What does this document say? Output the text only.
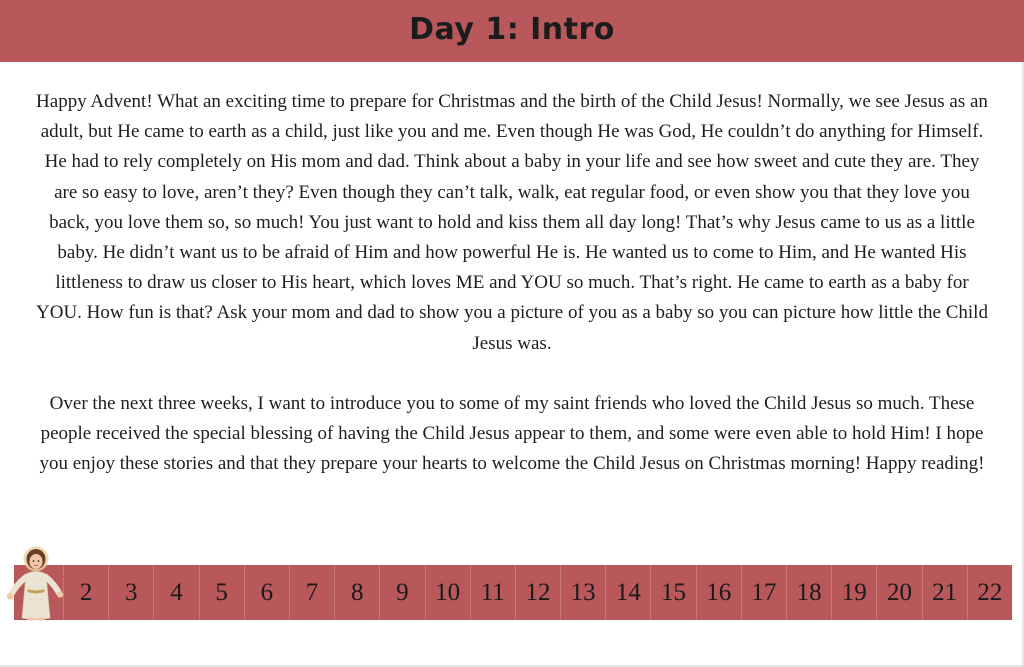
Day 1: Intro

Happy Advent! What an exciting time to prepare for Christmas and the birth of the Child Jesus! Normally, we see Jesus as an adult, but He came to earth as a child, just like you and me. Even though He was God, He couldn’t do anything for Himself. He had to rely completely on His mom and dad. Think about a baby in your life and see how sweet and cute they are. They are so easy to love, aren’t they? Even though they can’t talk, walk, eat regular food, or even show you that they love you back, you love them so, so much! You just want to hold and kiss them all day long! That’s why Jesus came to us as a little baby. He didn’t want us to be afraid of Him and how powerful He is. He wanted us to come to Him, and He wanted His littleness to draw us closer to His heart, which loves ME and YOU so much. That’s right. He came to earth as a baby for YOU. How fun is that? Ask your mom and dad to show you a picture of you as a baby so you can picture how little the Child Jesus was.

Over the next three weeks, I want to introduce you to some of my saint friends who loved the Child Jesus so much. These people received the special blessing of having the Child Jesus appear to them, and some were even able to hold Him! I hope you enjoy these stories and that they prepare your hearts to welcome the Child Jesus on Christmas morning! Happy reading!

2	3	4	5	6	7	8	9	10 11 12 13 14 15 16 17 18 19 20 21 22
